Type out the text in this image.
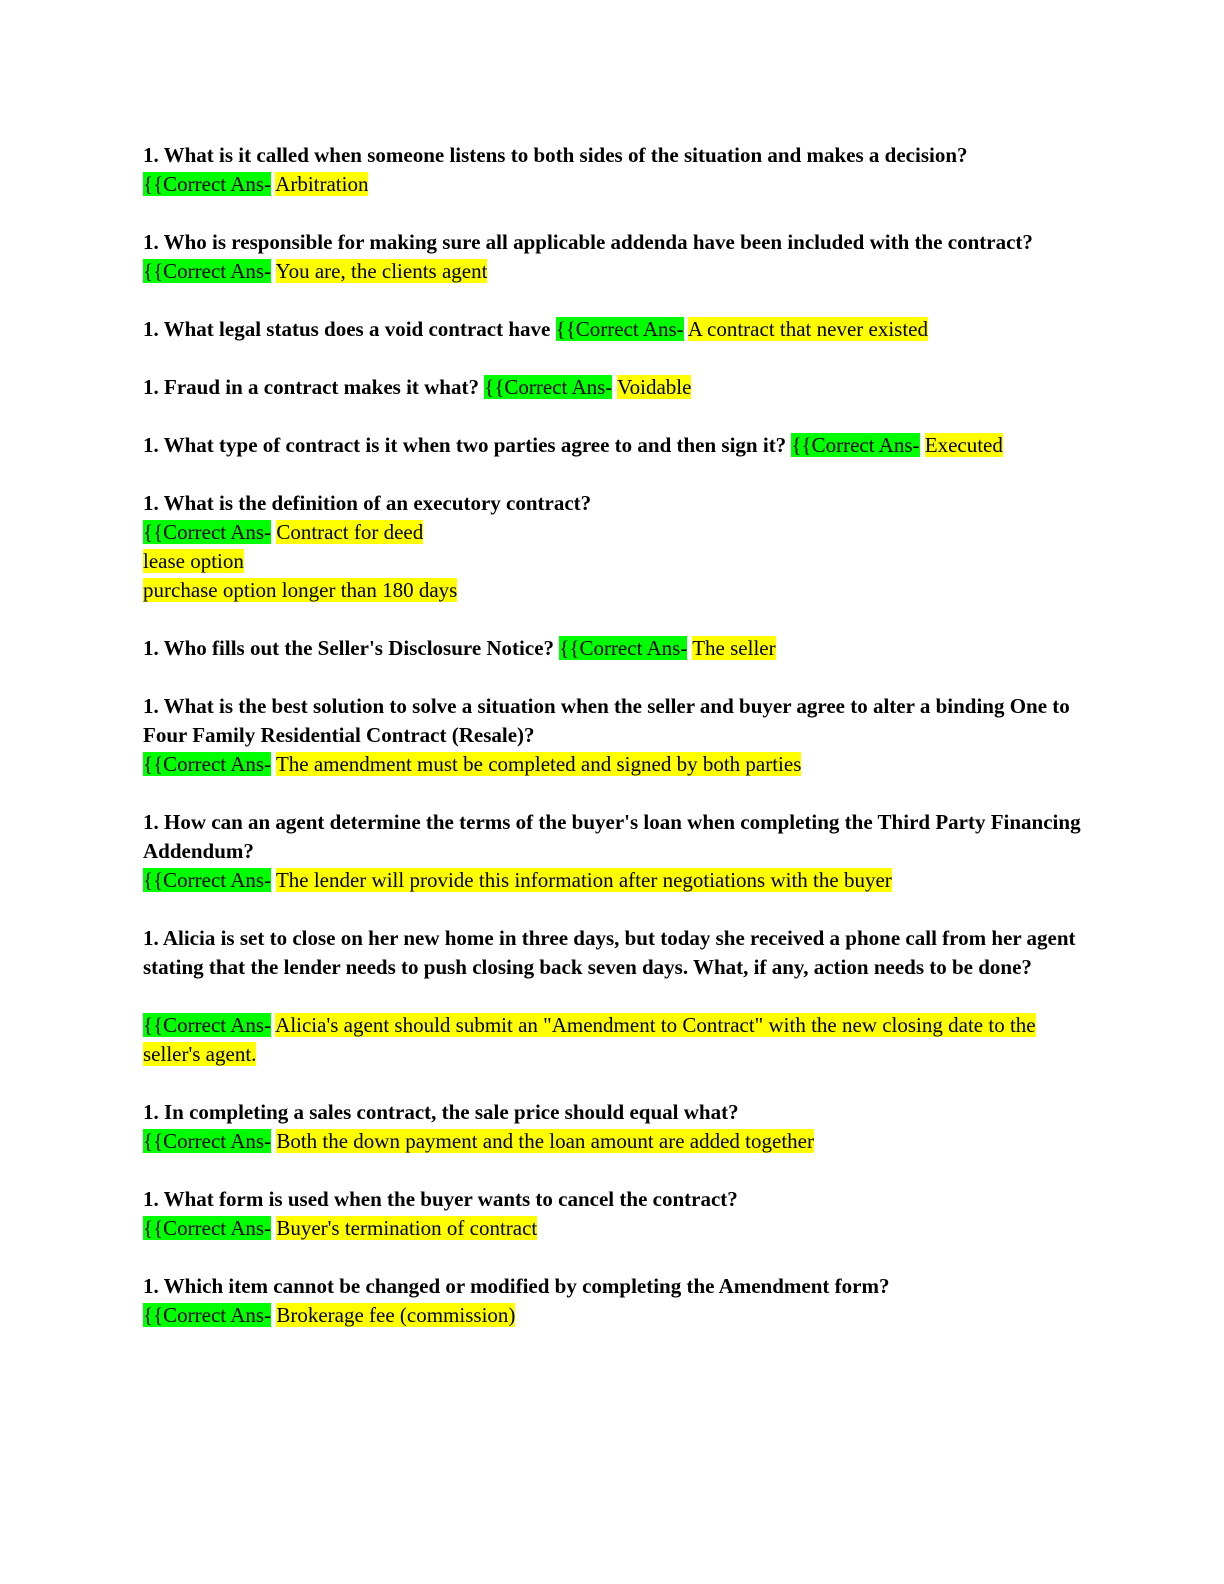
1. What is it called when someone listens to both sides of the situation and makes a decision?
{{Correct Ans- Arbitration
1. Who is responsible for making sure all applicable addenda have been included with the contract?
{{Correct Ans- You are, the clients agent
1. What legal status does a void contract have {{Correct Ans- A contract that never existed
1. Fraud in a contract makes it what? {{Correct Ans- Voidable
1. What type of contract is it when two parties agree to and then sign it? {{Correct Ans- Executed
1. What is the definition of an executory contract?
{{Correct Ans- Contract for deed
lease option
purchase option longer than 180 days
1. Who fills out the Seller's Disclosure Notice? {{Correct Ans- The seller
1. What is the best solution to solve a situation when the seller and buyer agree to alter a binding One to Four Family Residential Contract (Resale)?
{{Correct Ans- The amendment must be completed and signed by both parties
1. How can an agent determine the terms of the buyer's loan when completing the Third Party Financing Addendum?
{{Correct Ans- The lender will provide this information after negotiations with the buyer
1. Alicia is set to close on her new home in three days, but today she received a phone call from her agent stating that the lender needs to push closing back seven days. What, if any, action needs to be done?
{{Correct Ans- Alicia's agent should submit an "Amendment to Contract" with the new closing date to the seller's agent.
1. In completing a sales contract, the sale price should equal what?
{{Correct Ans- Both the down payment and the loan amount are added together
1. What form is used when the buyer wants to cancel the contract?
{{Correct Ans- Buyer's termination of contract
1. Which item cannot be changed or modified by completing the Amendment form?
{{Correct Ans- Brokerage fee (commission)
